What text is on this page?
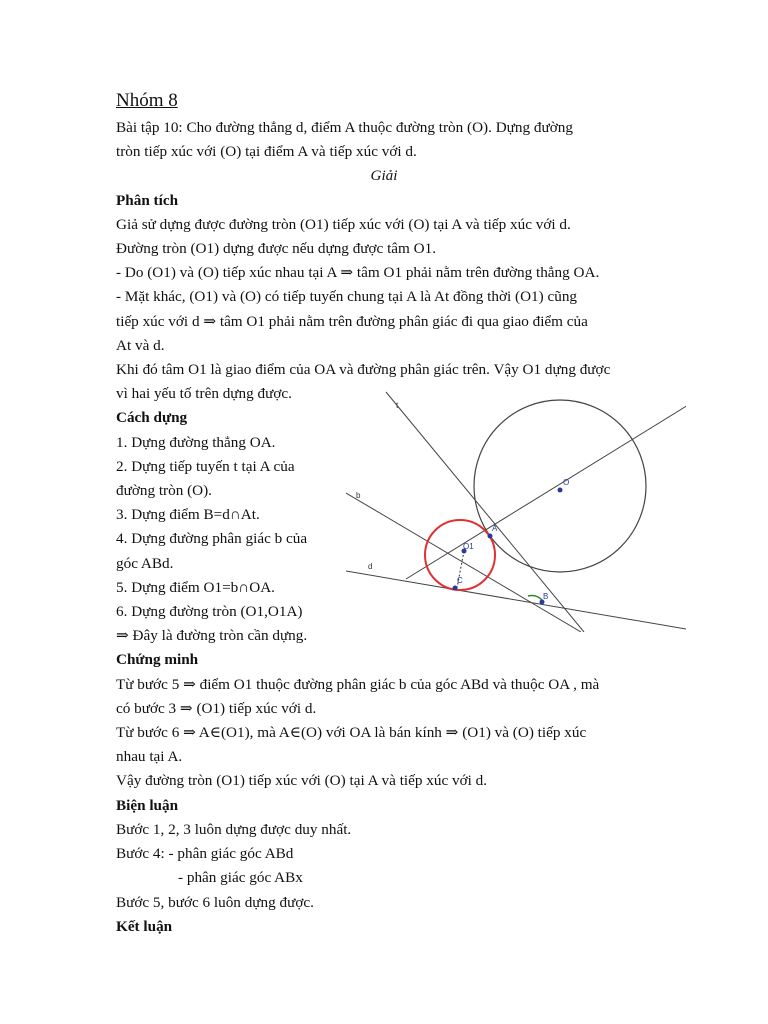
Nhóm 8
Bài tập 10: Cho đường thẳng d, điểm A thuộc đường tròn (O). Dựng đường
tròn tiếp xúc với (O) tại điểm A và tiếp xúc với d.
Giải
Phân tích
Giả sử dựng được đường tròn (O1) tiếp xúc với (O) tại A và tiếp xúc với d.
Đường tròn (O1) dựng được nếu dựng được tâm O1.
- Do (O1) và (O) tiếp xúc nhau tại A ⇒ tâm O1 phải nằm trên đường thẳng OA.
- Mặt khác, (O1) và (O) có tiếp tuyến chung tại A là At đồng thời (O1) cũng
tiếp xúc với d ⇒ tâm O1 phải nằm trên đường phân giác đi qua giao điểm của
At và d.
Khi đó tâm O1 là giao điểm của OA và đường phân giác trên. Vậy O1 dựng được
vì hai yếu tố trên dựng được.
Cách dựng
1. Dựng đường thẳng OA.
2. Dựng tiếp tuyến t tại A của
đường tròn (O).
3. Dựng điểm B=d∩At.
4. Dựng đường phân giác b của
góc ABd.
5. Dựng điểm O1=b∩OA.
6. Dựng đường tròn (O1,O1A)
⇒ Đây là đường tròn cần dựng.
Chứng minh
Từ bước 5 ⇒ điểm O1 thuộc đường phân giác b của góc ABd và thuộc OA , mà
có bước 3 ⇒ (O1) tiếp xúc với d.
Từ bước 6 ⇒ A∈(O1), mà A∈(O) với OA là bán kính ⇒ (O1) và (O) tiếp xúc
nhau tại A.
Vậy đường tròn (O1) tiếp xúc với (O) tại A và tiếp xúc với d.
Biện luận
Bước 1, 2, 3 luôn dựng được duy nhất.
Bước 4: - phân giác góc ABd
- phân giác góc ABx
Bước 5, bước 6 luôn dựng được.
Kết luận
t
b
d
O
A
O1
C
B
